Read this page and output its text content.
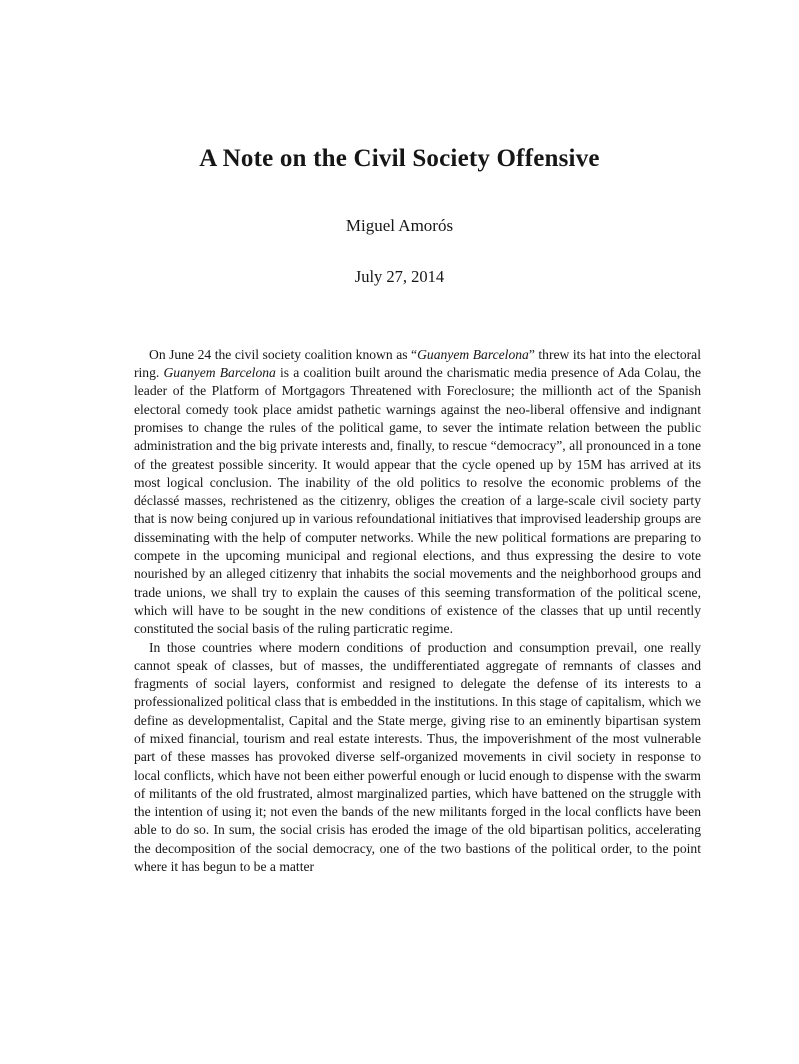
A Note on the Civil Society Offensive
Miguel Amorós
July 27, 2014

On June 24 the civil society coalition known as “Guanyem Barcelona” threw its hat into the electoral ring. Guanyem Barcelona is a coalition built around the charismatic media presence of Ada Colau, the leader of the Platform of Mortgagors Threatened with Foreclosure; the millionth act of the Spanish electoral comedy took place amidst pathetic warnings against the neo-liberal offensive and indignant promises to change the rules of the political game, to sever the intimate relation between the public administration and the big private interests and, finally, to rescue “democracy”, all pronounced in a tone of the greatest possible sincerity. It would appear that the cycle opened up by 15M has arrived at its most logical conclusion. The inability of the old politics to resolve the economic problems of the déclassé masses, rechristened as the citizenry, obliges the creation of a large-scale civil society party that is now being conjured up in various refoundational initiatives that improvised leadership groups are disseminating with the help of computer networks. While the new political formations are preparing to compete in the upcoming municipal and regional elections, and thus expressing the desire to vote nourished by an alleged citizenry that inhabits the social movements and the neighborhood groups and trade unions, we shall try to explain the causes of this seeming transformation of the political scene, which will have to be sought in the new conditions of existence of the classes that up until recently constituted the social basis of the ruling particratic regime.

In those countries where modern conditions of production and consumption prevail, one really cannot speak of classes, but of masses, the undifferentiated aggregate of remnants of classes and fragments of social layers, conformist and resigned to delegate the defense of its interests to a professionalized political class that is embedded in the institutions. In this stage of capitalism, which we define as developmentalist, Capital and the State merge, giving rise to an eminently bipartisan system of mixed financial, tourism and real estate interests. Thus, the impoverishment of the most vulnerable part of these masses has provoked diverse self-organized movements in civil society in response to local conflicts, which have not been either powerful enough or lucid enough to dispense with the swarm of militants of the old frustrated, almost marginalized parties, which have battened on the struggle with the intention of using it; not even the bands of the new militants forged in the local conflicts have been able to do so. In sum, the social crisis has eroded the image of the old bipartisan politics, accelerating the decomposition of the social democracy, one of the two bastions of the political order, to the point where it has begun to be a matter
